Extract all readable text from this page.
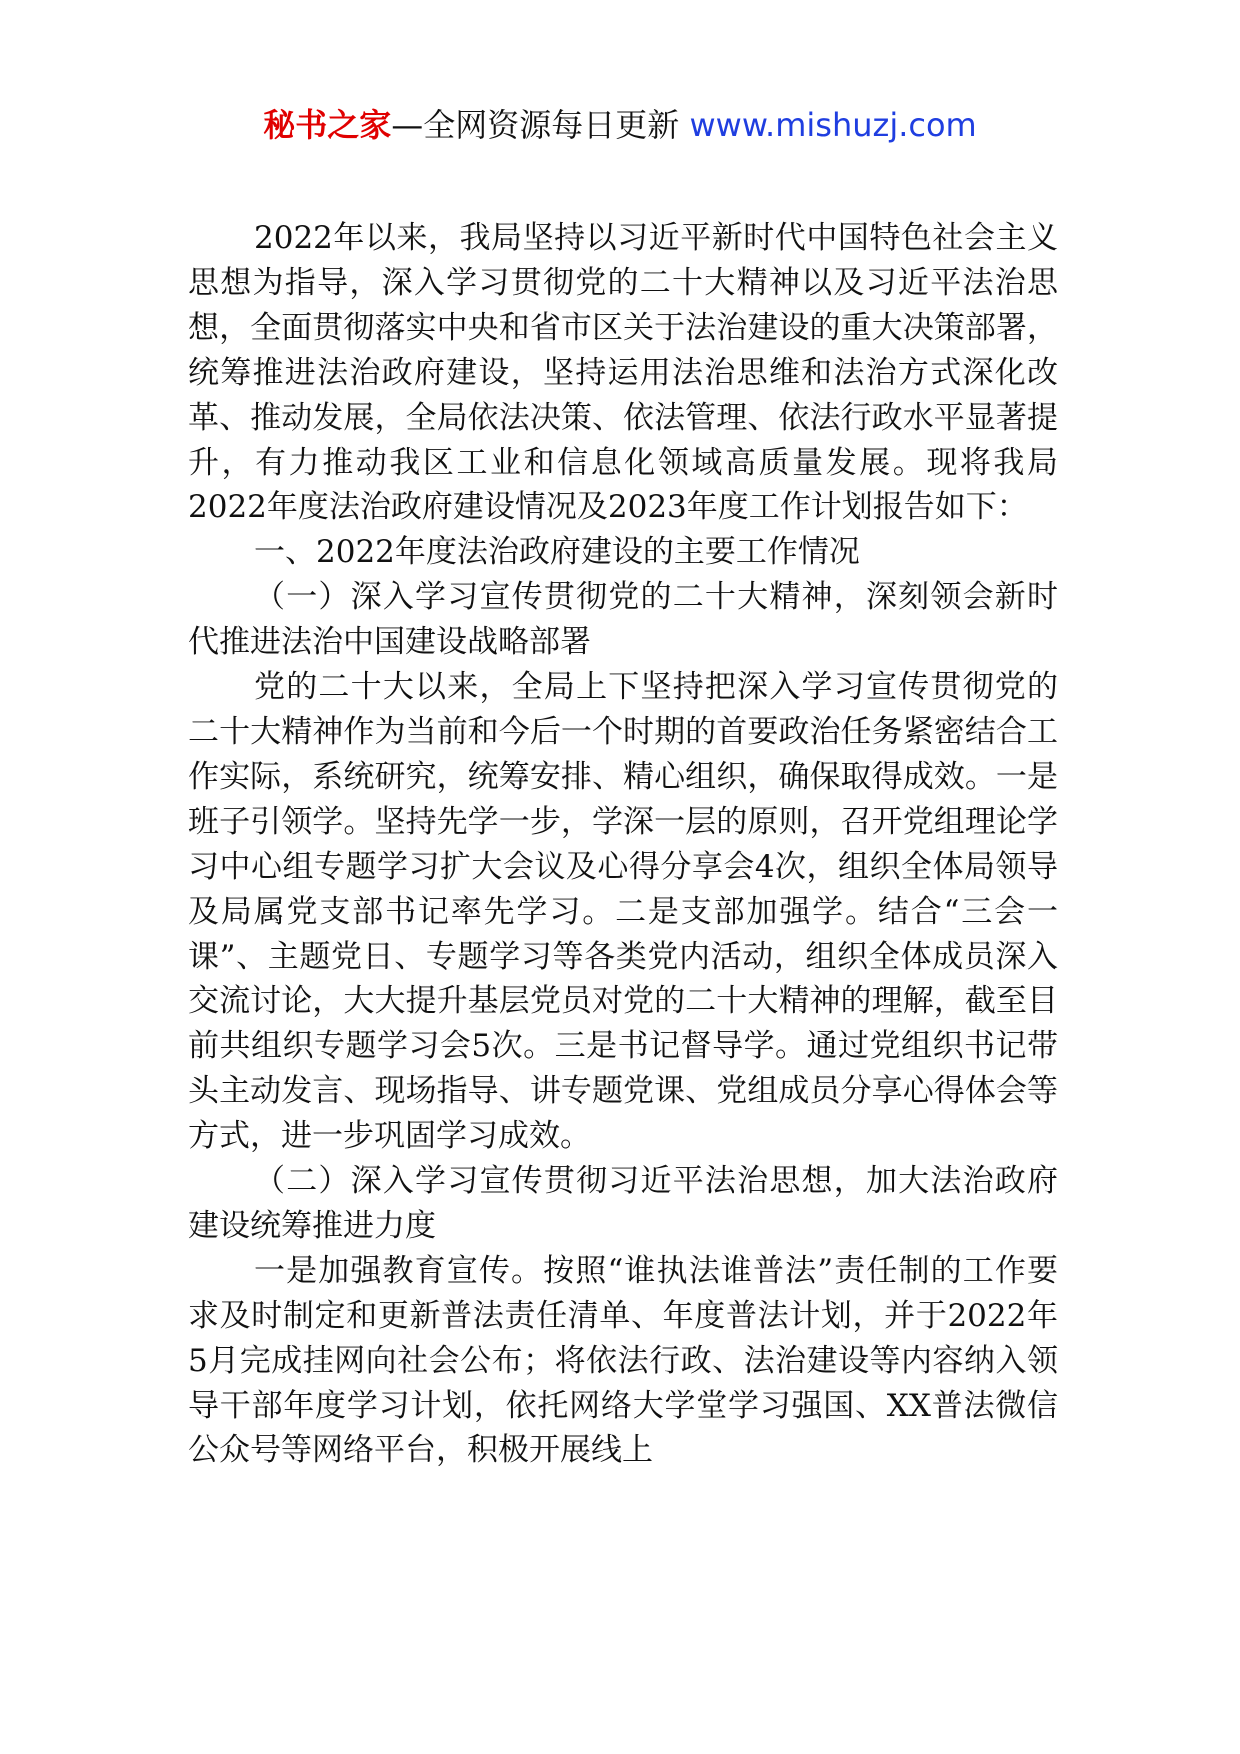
秘书之家—全网资源每日更新 www.mishuzj.com

2022年以来，我局坚持以习近平新时代中国特色社会主义思想为指导，深入学习贯彻党的二十大精神以及习近平法治思想，全面贯彻落实中央和省市区关于法治建设的重大决策部署，统筹推进法治政府建设，坚持运用法治思维和法治方式深化改革、推动发展，全局依法决策、依法管理、依法行政水平显著提升，有力推动我区工业和信息化领域高质量发展。现将我局2022年度法治政府建设情况及2023年度工作计划报告如下：

一、2022年度法治政府建设的主要工作情况

（一）深入学习宣传贯彻党的二十大精神，深刻领会新时代推进法治中国建设战略部署

党的二十大以来，全局上下坚持把深入学习宣传贯彻党的二十大精神作为当前和今后一个时期的首要政治任务紧密结合工作实际，系统研究，统筹安排、精心组织，确保取得成效。一是班子引领学。坚持先学一步，学深一层的原则，召开党组理论学习中心组专题学习扩大会议及心得分享会4次，组织全体局领导及局属党支部书记率先学习。二是支部加强学。结合“三会一课”、主题党日、专题学习等各类党内活动，组织全体成员深入交流讨论，大大提升基层党员对党的二十大精神的理解，截至目前共组织专题学习会5次。三是书记督导学。通过党组织书记带头主动发言、现场指导、讲专题党课、党组成员分享心得体会等方式，进一步巩固学习成效。

（二）深入学习宣传贯彻习近平法治思想，加大法治政府建设统筹推进力度

一是加强教育宣传。按照“谁执法谁普法”责任制的工作要求及时制定和更新普法责任清单、年度普法计划，并于2022年5月完成挂网向社会公布；将依法行政、法治建设等内容纳入领导干部年度学习计划，依托网络大学堂学习强国、XX普法微信公众号等网络平台，积极开展线上
